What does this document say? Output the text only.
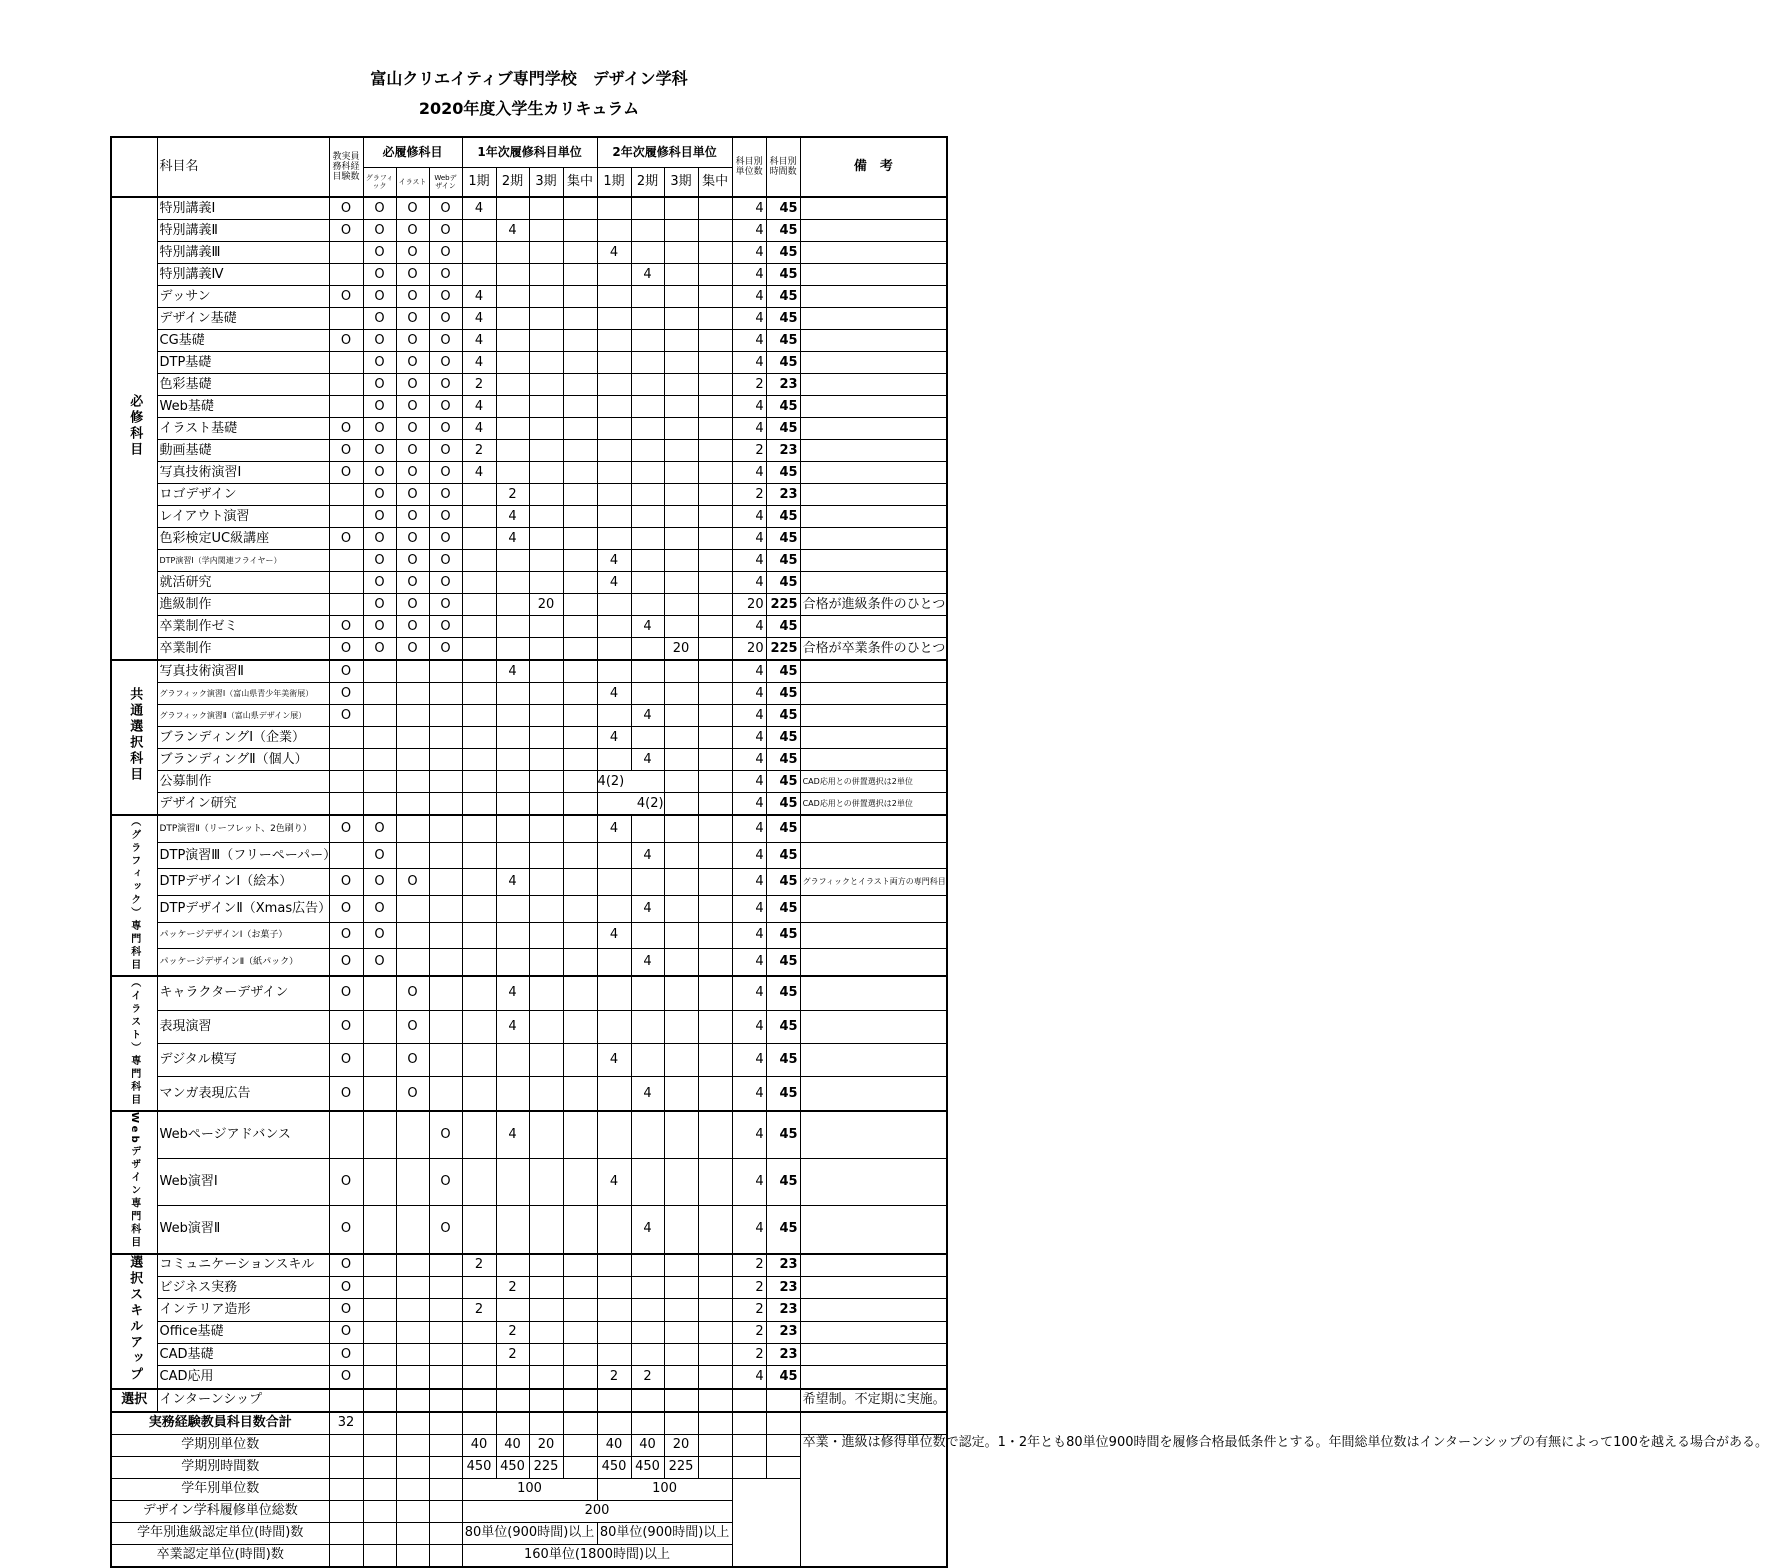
富山クリエイティブ専門学校　デザイン学科
2020年度入学生カリキュラム
	科目名	教実員務科経目験数	必履修科目			1年次履修科目単位				2年次履修科目単位				科目別単位数	科目別時間数	備　考
			グラフィック	イラスト	Webデザイン	1期	2期	3期	集中	1期	2期	3期	集中			
必修科目	特別講義Ⅰ	O	O	O	O	4								4	45	
	特別講義Ⅱ	O	O	O	O		4							4	45	
	特別講義Ⅲ		O	O	O					4				4	45	
	特別講義Ⅳ		O	O	O						4			4	45	
	デッサン	O	O	O	O	4								4	45	
	デザイン基礎		O	O	O	4								4	45	
	CG基礎	O	O	O	O	4								4	45	
	DTP基礎		O	O	O	4								4	45	
	色彩基礎		O	O	O	2								2	23	
	Web基礎		O	O	O	4								4	45	
	イラスト基礎	O	O	O	O	4								4	45	
	動画基礎	O	O	O	O	2								2	23	
	写真技術演習Ⅰ	O	O	O	O	4								4	45	
	ロゴデザイン		O	O	O		2							2	23	
	レイアウト演習		O	O	O		4							4	45	
	色彩検定UC級講座	O	O	O	O		4							4	45	
	DTP演習Ⅰ（学内関連フライヤー）		O	O	O					4				4	45	
	就活研究		O	O	O					4				4	45	
	進級制作		O	O	O			20						20	225	合格が進級条件のひとつ
	卒業制作ゼミ	O	O	O	O						4			4	45	
	卒業制作	O	O	O	O							20		20	225	合格が卒業条件のひとつ
共通選択科目	写真技術演習Ⅱ	O					4							4	45	
	グラフィック演習Ⅰ（富山県青少年美術展）	O								4				4	45	
	グラフィック演習Ⅱ（富山県デザイン展）	O									4			4	45	
	ブランディングⅠ（企業）									4				4	45	
	ブランディングⅡ（個人）										4			4	45	
	公募制作									4(2)				4	45	CAD応用との併置選択は2単位
	デザイン研究									4(2)				4	45	CAD応用との併置選択は2単位
（グラフィック）専門科目	DTP演習Ⅱ（リーフレット、2色刷り）	O	O							4				4	45	
	DTP演習Ⅲ（フリーペーパー）		O								4			4	45	
	DTPデザインⅠ（絵本）	O	O	O			4							4	45	グラフィックとイラスト両方の専門科目
	DTPデザインⅡ（Xmas広告）	O	O								4			4	45	
	パッケージデザインⅠ（お菓子）	O	O							4				4	45	
	パッケージデザインⅡ（紙パック）	O	O								4			4	45	
（イラスト）専門科目	キャラクターデザイン	O		O			4							4	45	
	表現演習	O		O			4							4	45	
	デジタル模写	O		O						4				4	45	
	マンガ表現広告	O		O							4			4	45	
Webデザイン専門科目	Webページアドバンス				O		4							4	45	
	Web演習Ⅰ	O			O					4				4	45	
	Web演習Ⅱ	O			O						4			4	45	
選択スキルアップ	コミュニケーションスキル	O				2								2	23	
	ビジネス実務	O					2							2	23	
	インテリア造形	O				2								2	23	
	Office基礎	O					2							2	23	
	CAD基礎	O					2							2	23	
	CAD応用	O								2	2			4	45	
選択	インターンシップ															希望制。不定期に実施。
実務経験教員科目数合計		32														
学期別単位数						40	40	20		40	40	20				卒業・進級は修得単位数で認定。1・2年とも80単位900時間を履修合格最低条件とする。年間総単位数はインターンシップの有無によって100を越える場合がある。
学期別時間数						450	450	225		450	450	225				
学年別単位数						100				100						
デザイン学科履修単位総数						200										
学年別進級認定単位(時間)数						80単位(900時間)以上				80単位(900時間)以上						
卒業認定単位(時間)数						160単位(1800時間)以上										
